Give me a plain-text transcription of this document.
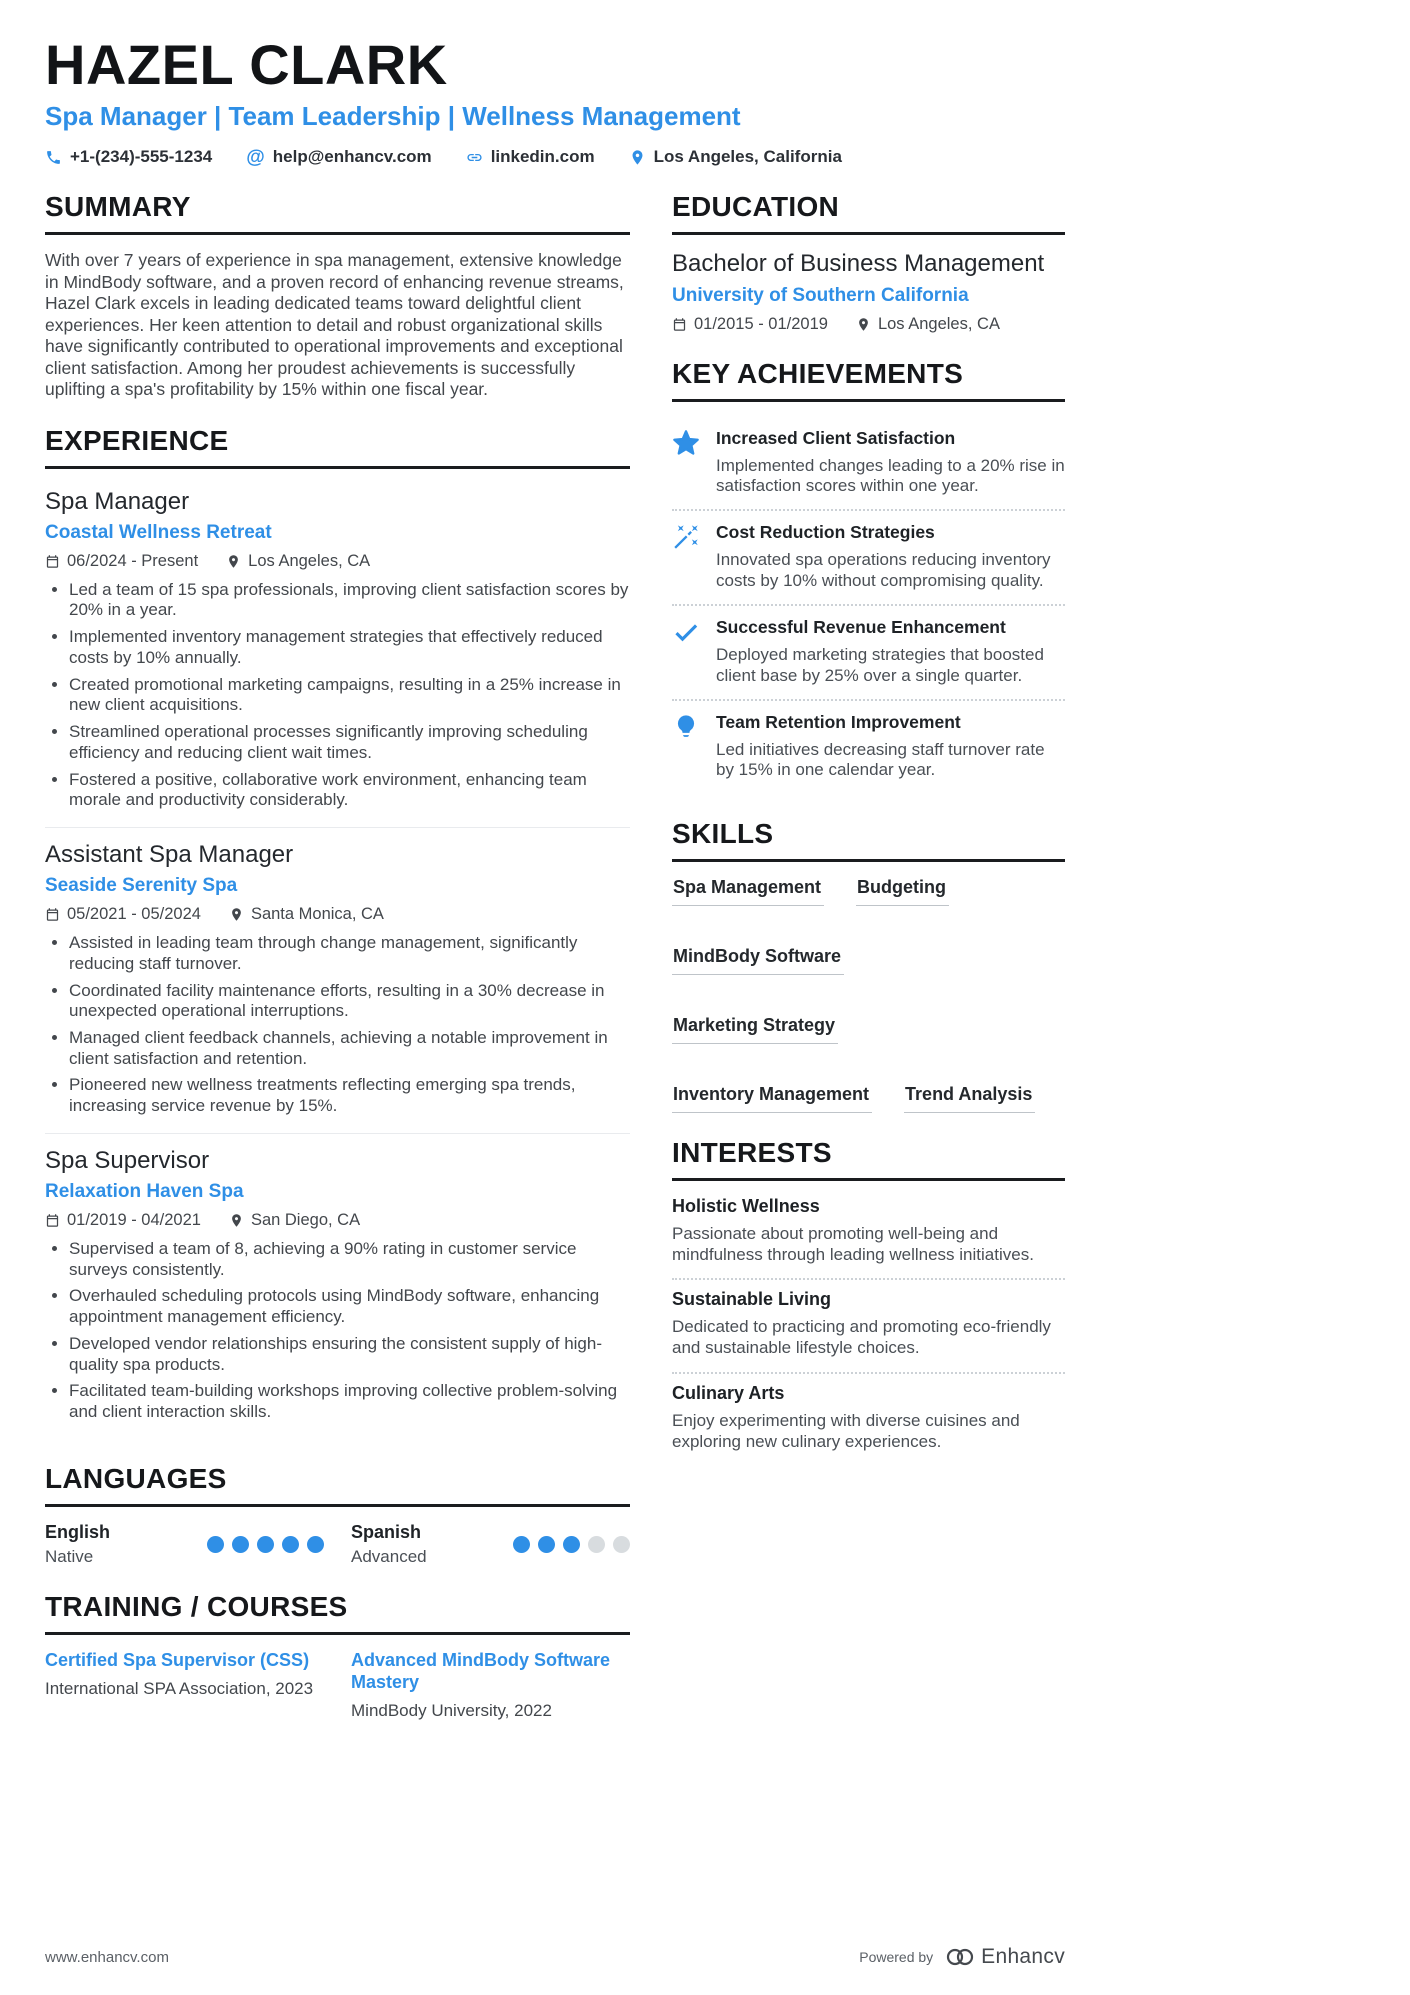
HAZEL CLARK
Spa Manager | Team Leadership | Wellness Management
+1-(234)-555-1234 @ help@enhancv.com	linkedin.com	Los Angeles, California
SUMMARY

With over 7 years of experience in spa management, extensive knowledge in MindBody software, and a proven record of enhancing revenue streams, Hazel Clark excels in leading dedicated teams toward delightful client experiences. Her keen attention to detail and robust organizational skills have significantly contributed to operational improvements and exceptional client satisfaction. Among her proudest achievements is successfully uplifting a spa's profitability by 15% within one fiscal year.

EXPERIENCE
Spa Manager
Coastal Wellness Retreat
06/2024 - Present	Los Angeles, CA
• Led a team of 15 spa professionals, improving client satisfaction scores by 20% in a year.
• Implemented inventory management strategies that effectively reduced costs by 10% annually.
• Created promotional marketing campaigns, resulting in a 25% increase in new client acquisitions.
• Streamlined operational processes significantly improving scheduling efficiency and reducing client wait times.
• Fostered a positive, collaborative work environment, enhancing team morale and productivity considerably.
Assistant Spa Manager
Seaside Serenity Spa
05/2021 - 05/2024	Santa Monica, CA
• Assisted in leading team through change management, significantly reducing staff turnover.
• Coordinated facility maintenance efforts, resulting in a 30% decrease in unexpected operational interruptions.
• Managed client feedback channels, achieving a notable improvement in client satisfaction and retention.
• Pioneered new wellness treatments reflecting emerging spa trends, increasing service revenue by 15%.
Spa Supervisor
Relaxation Haven Spa
01/2019 - 04/2021	San Diego, CA
• Supervised a team of 8, achieving a 90% rating in customer service surveys consistently.
• Overhauled scheduling protocols using MindBody software, enhancing appointment management efficiency.
• Developed vendor relationships ensuring the consistent supply of high-quality spa products.
• Facilitated team-building workshops improving collective problem-solving and client interaction skills.
LANGUAGES
English
Native
Spanish
Advanced
TRAINING / COURSES
Certified Spa Supervisor (CSS)
International SPA Association, 2023
Advanced MindBody Software Mastery
MindBody University, 2022
EDUCATION
Bachelor of Business Management
University of Southern California
01/2015 - 01/2019	Los Angeles, CA
KEY ACHIEVEMENTS
Increased Client Satisfaction
Implemented changes leading to a 20% rise in satisfaction scores within one year.
Cost Reduction Strategies
Innovated spa operations reducing inventory costs by 10% without compromising quality.
Successful Revenue Enhancement
Deployed marketing strategies that boosted client base by 25% over a single quarter.
Team Retention Improvement
Led initiatives decreasing staff turnover rate by 15% in one calendar year.
SKILLS
Spa Management Budgeting
MindBody Software
Marketing Strategy
Inventory Management Trend Analysis
INTERESTS
Holistic Wellness
Passionate about promoting well-being and mindfulness through leading wellness initiatives.
Sustainable Living
Dedicated to practicing and promoting eco-friendly and sustainable lifestyle choices.
Culinary Arts
Enjoy experimenting with diverse cuisines and exploring new culinary experiences.
www.enhancv.com	Powered by Enhancv
